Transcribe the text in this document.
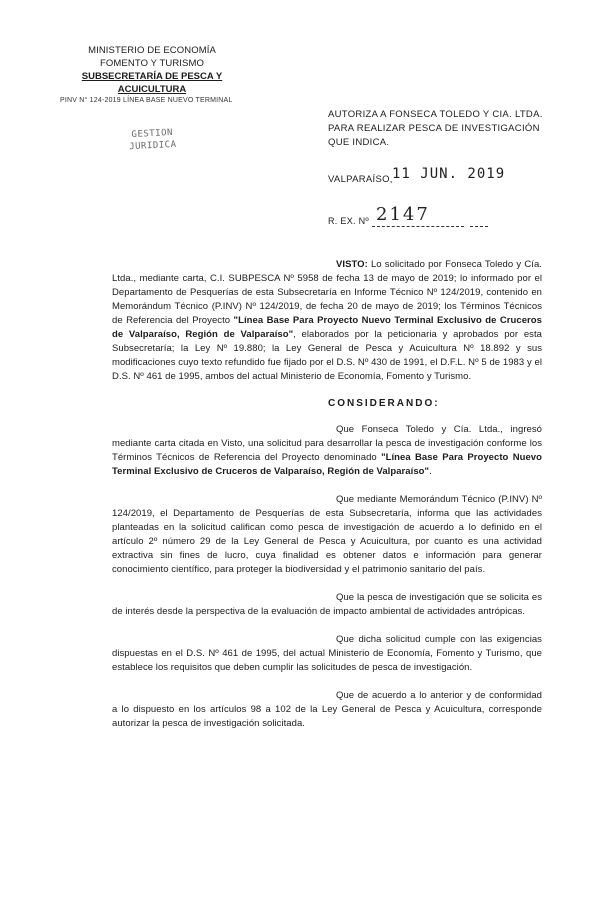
MINISTERIO DE ECONOMÍA
FOMENTO Y TURISMO
SUBSECRETARÍA DE PESCA Y ACUICULTURA
PINV N° 124-2019 LÍNEA BASE NUEVO TERMINAL
GESTION
JURIDICA
AUTORIZA A FONSECA TOLEDO Y CIA. LTDA. PARA REALIZAR PESCA DE INVESTIGACIÓN QUE INDICA.
VALPARAÍSO, 11 JUN. 2019
R. EX. Nº 2147

VISTO: Lo solicitado por Fonseca Toledo y Cía. Ltda., mediante carta, C.I. SUBPESCA Nº 5958 de fecha 13 de mayo de 2019; lo informado por el Departamento de Pesquerías de esta Subsecretaría en Informe Técnico Nº 124/2019, contenido en Memorándum Técnico (P.INV) Nº 124/2019, de fecha 20 de mayo de 2019; los Términos Técnicos de Referencia del Proyecto "Línea Base Para Proyecto Nuevo Terminal Exclusivo de Cruceros de Valparaíso, Región de Valparaíso", elaborados por la peticionaria y aprobados por esta Subsecretaría; la Ley Nº 19.880; la Ley General de Pesca y Acuicultura Nº 18.892 y sus modificaciones cuyo texto refundido fue fijado por el D.S. Nº 430 de 1991, el D.F.L. Nº 5 de 1983 y el D.S. Nº 461 de 1995, ambos del actual Ministerio de Economía, Fomento y Turismo.

CONSIDERANDO:

Que Fonseca Toledo y Cía. Ltda., ingresó mediante carta citada en Visto, una solicitud para desarrollar la pesca de investigación conforme los Términos Técnicos de Referencia del Proyecto denominado "Línea Base Para Proyecto Nuevo Terminal Exclusivo de Cruceros de Valparaíso, Región de Valparaíso".

Que mediante Memorándum Técnico (P.INV) Nº 124/2019, el Departamento de Pesquerías de esta Subsecretaría, informa que las actividades planteadas en la solicitud califican como pesca de investigación de acuerdo a lo definido en el artículo 2º número 29 de la Ley General de Pesca y Acuicultura, por cuanto es una actividad extractiva sin fines de lucro, cuya finalidad es obtener datos e información para generar conocimiento científico, para proteger la biodiversidad y el patrimonio sanitario del país.

Que la pesca de investigación que se solicita es de interés desde la perspectiva de la evaluación de impacto ambiental de actividades antrópicas.

Que dicha solicitud cumple con las exigencias dispuestas en el D.S. Nº 461 de 1995, del actual Ministerio de Economía, Fomento y Turismo, que establece los requisitos que deben cumplir las solicitudes de pesca de investigación.

Que de acuerdo a lo anterior y de conformidad a lo dispuesto en los artículos 98 a 102 de la Ley General de Pesca y Acuicultura, corresponde autorizar la pesca de investigación solicitada.
